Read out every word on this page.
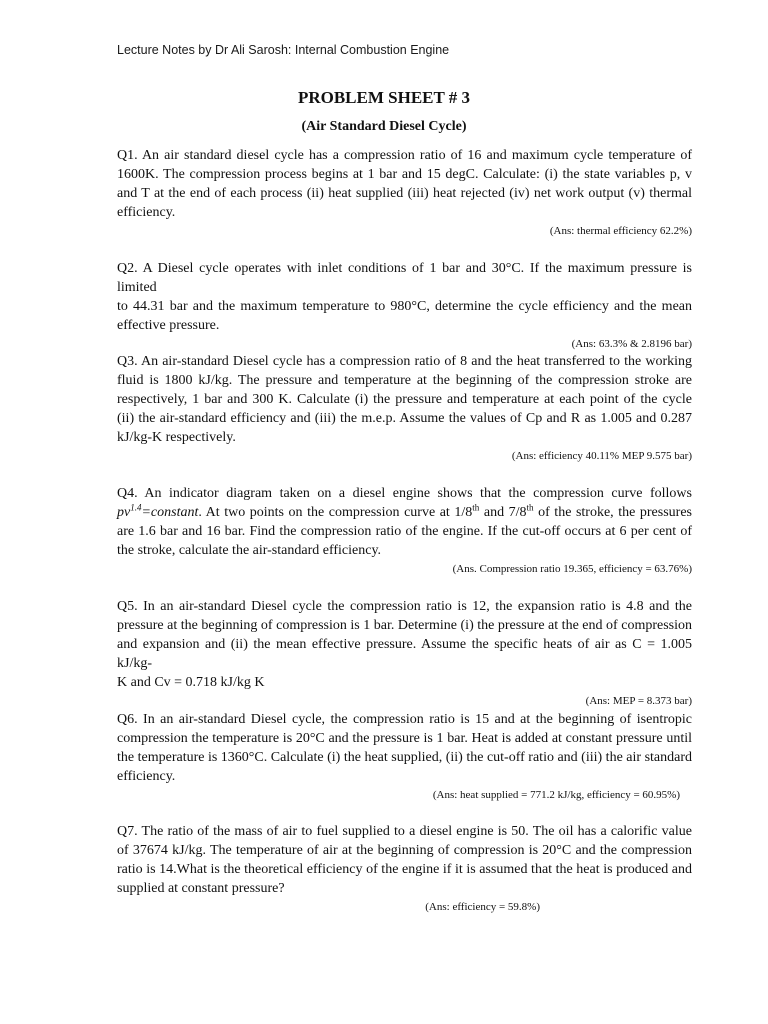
Lecture Notes by Dr Ali Sarosh: Internal Combustion Engine
PROBLEM SHEET # 3
(Air Standard Diesel Cycle)
Q1. An air standard diesel cycle has a compression ratio of 16 and maximum cycle temperature of
1600K. The compression process begins at 1 bar and 15 degC. Calculate: (i) the state variables p, v
and T at the end of each process (ii) heat supplied (iii) heat rejected (iv) net work output (v) thermal
efficiency.
(Ans: thermal efficiency 62.2%)
Q2. A Diesel cycle operates with inlet conditions of 1 bar and 30°C. If the maximum pressure is limited
to 44.31 bar and the maximum temperature to 980°C, determine the cycle efficiency and the mean
effective pressure.
(Ans: 63.3% & 2.8196 bar)
Q3. An air-standard Diesel cycle has a compression ratio of 8 and the heat transferred to the working
fluid is 1800 kJ/kg. The pressure and temperature at the beginning of the compression stroke are
respectively, 1 bar and 300 K. Calculate (i) the pressure and temperature at each point of the cycle
(ii) the air-standard efficiency and (iii) the m.e.p. Assume the values of Cp and R as 1.005 and 0.287
kJ/kg-K respectively.
(Ans: efficiency 40.11% MEP 9.575 bar)
Q4. An indicator diagram taken on a diesel engine shows that the compression curve follows
$pv^{1.4}=constant$. At two points on the compression curve at 1/8th and 7/8th of the stroke, the pressures
are 1.6 bar and 16 bar. Find the compression ratio of the engine. If the cut-off occurs at 6 per cent of
the stroke, calculate the air-standard efficiency.
(Ans. Compression ratio 19.365, efficiency = 63.76%)
Q5. In an air-standard Diesel cycle the compression ratio is 12, the expansion ratio is 4.8 and the
pressure at the beginning of compression is 1 bar. Determine (i) the pressure at the end of compression
and expansion and (ii) the mean effective pressure. Assume the specific heats of air as C = 1.005 kJ/kg-
K and Cv = 0.718 kJ/kg K
(Ans: MEP = 8.373 bar)
Q6. In an air-standard Diesel cycle, the compression ratio is 15 and at the beginning of isentropic
compression the temperature is 20°C and the pressure is 1 bar. Heat is added at constant pressure until
the temperature is 1360°C. Calculate (i) the heat supplied, (ii) the cut-off ratio and (iii) the air standard
efficiency.
(Ans: heat supplied = 771.2 kJ/kg, efficiency = 60.95%)
Q7. The ratio of the mass of air to fuel supplied to a diesel engine is 50. The oil has a calorific value
of 37674 kJ/kg. The temperature of air at the beginning of compression is 20°C and the compression
ratio is 14.What is the theoretical efficiency of the engine if it is assumed that the heat is produced and
supplied at constant pressure?
(Ans: efficiency = 59.8%)
